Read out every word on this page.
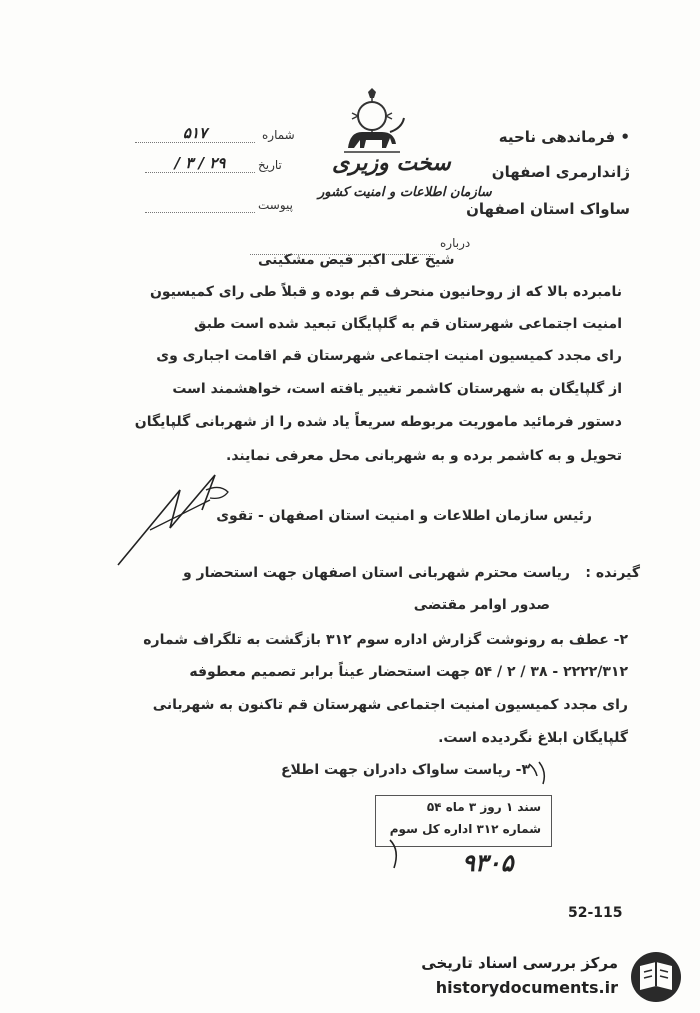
• فرماندهی ناحیه
ژاندارمری اصفهان
ساواک استان اصفهان
سخت وزیری
سازمان اطلاعات و امنیت کشور
شماره
۵۱۷
تاریخ
۲۹ / ۳ /
پیوست
درباره
شیخ علی اکبر فیض مشکینی
نامبرده بالا که از روحانیون منحرف قم بوده و قبلاً طی رای کمیسیون
امنیت اجتماعی شهرستان قم به گلپایگان تبعید شده است طبق
رای مجدد کمیسیون امنیت اجتماعی شهرستان قم اقامت اجباری وی
از گلپایگان به شهرستان کاشمر تغییر یافته است، خواهشمند است
دستور فرمائید ماموریت مربوطه سریعاً یاد شده را از شهربانی گلپایگان
تحویل و به کاشمر برده و به شهربانی محل معرفی نمایند.
رئیس سازمان اطلاعات و امنیت استان اصفهان - تقوی
گیرنده :
ریاست محترم شهربانی استان اصفهان جهت استحضار و
صدور اوامر مقتضی
۲- عطف به رونوشت گزارش اداره سوم ۳۱۲ بازگشت به تلگراف شماره
۲۲۲۲/۳۱۲ - ۳۸ / ۲ / ۵۴ جهت استحضار عیناً برابر تصمیم معطوفه
رای مجدد کمیسیون امنیت اجتماعی شهرستان قم تاکنون به شهربانی
گلپایگان ابلاغ نگردیده است.
۳- ریاست ساواک دادران جهت اطلاع
سند ۱ روز ۳ ماه ۵۴
شماره ۳۱۲ اداره کل سوم
۹۳۰۵
52-115
مرکز بررسی اسناد تاریخی
historydocuments.ir
